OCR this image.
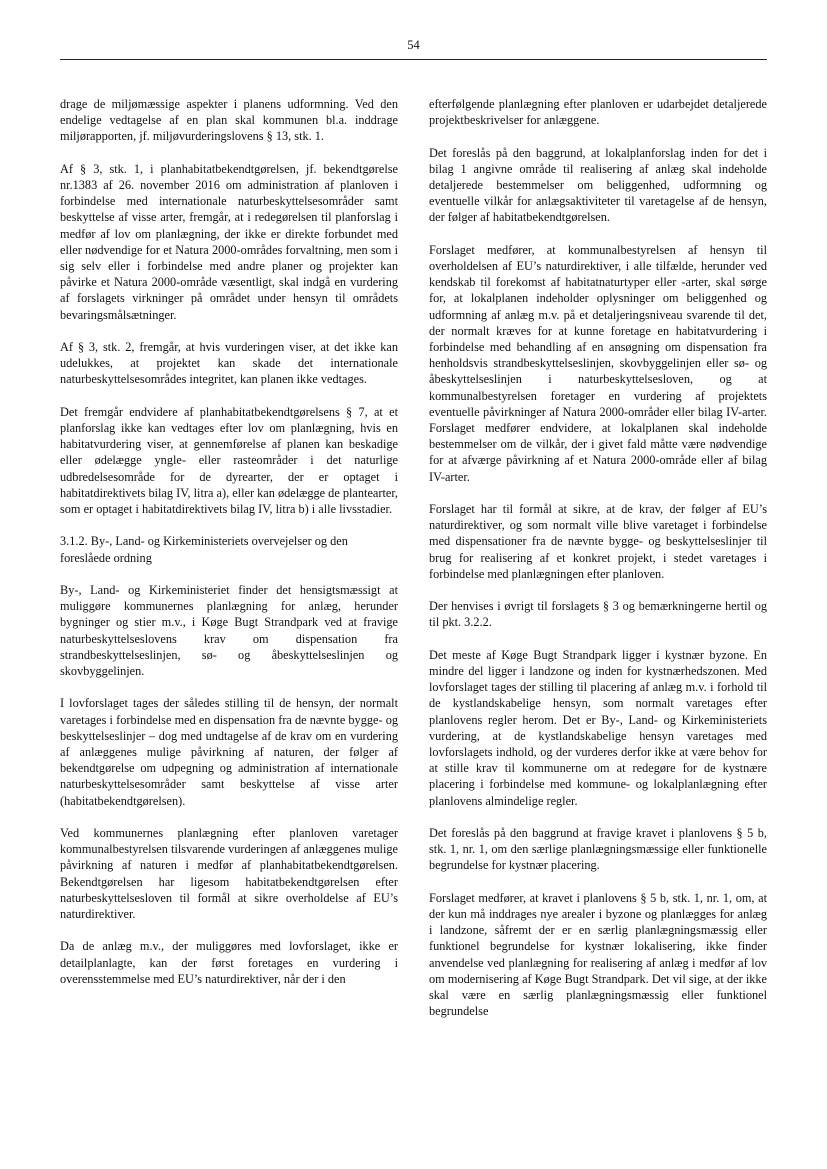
54

drage de miljømæssige aspekter i planens udformning. Ved den endelige vedtagelse af en plan skal kommunen bl.a. inddrage miljørapporten, jf. miljøvurderingslovens § 13, stk. 1.

Af § 3, stk. 1, i planhabitatbekendtgørelsen, jf. bekendtgørelse nr.1383 af 26. november 2016 om administration af planloven i forbindelse med internationale naturbeskyttelsesområder samt beskyttelse af visse arter, fremgår, at i redegørelsen til planforslag i medfør af lov om planlægning, der ikke er direkte forbundet med eller nødvendige for et Natura 2000-områdes forvaltning, men som i sig selv eller i forbindelse med andre planer og projekter kan påvirke et Natura 2000-område væsentligt, skal indgå en vurdering af forslagets virkninger på området under hensyn til områdets bevaringsmålsætninger.

Af § 3, stk. 2, fremgår, at hvis vurderingen viser, at det ikke kan udelukkes, at projektet kan skade det internationale naturbeskyttelsesområdes integritet, kan planen ikke vedtages.

Det fremgår endvidere af planhabitatbekendtgørelsens § 7, at et planforslag ikke kan vedtages efter lov om planlægning, hvis en habitatvurdering viser, at gennemførelse af planen kan beskadige eller ødelægge yngle- eller rasteområder i det naturlige udbredelsesområde for de dyrearter, der er optaget i habitatdirektivets bilag IV, litra a), eller kan ødelægge de plantearter, som er optaget i habitatdirektivets bilag IV, litra b) i alle livsstadier.

3.1.2. By-, Land- og Kirkeministeriets overvejelser og den foreslåede ordning

By-, Land- og Kirkeministeriet finder det hensigtsmæssigt at muliggøre kommunernes planlægning for anlæg, herunder bygninger og stier m.v., i Køge Bugt Strandpark ved at fravige naturbeskyttelseslovens krav om dispensation fra strandbeskyttelseslinjen, sø- og åbeskyttelseslinjen og skovbyggelinjen.

I lovforslaget tages der således stilling til de hensyn, der normalt varetages i forbindelse med en dispensation fra de nævnte bygge- og beskyttelseslinjer – dog med undtagelse af de krav om en vurdering af anlæggenes mulige påvirkning af naturen, der følger af bekendtgørelse om udpegning og administration af internationale naturbeskyttelsesområder samt beskyttelse af visse arter (habitatbekendtgørelsen).

Ved kommunernes planlægning efter planloven varetager kommunalbestyrelsen tilsvarende vurderingen af anlæggenes mulige påvirkning af naturen i medfør af planhabitatbekendtgørelsen. Bekendtgørelsen har ligesom habitatbekendtgørelsen efter naturbeskyttelsesloven til formål at sikre overholdelse af EU’s naturdirektiver.

Da de anlæg m.v., der muliggøres med lovforslaget, ikke er detailplanlagte, kan der først foretages en vurdering i overensstemmelse med EU’s naturdirektiver, når der i den

efterfølgende planlægning efter planloven er udarbejdet detaljerede projektbeskrivelser for anlæggene.

Det foreslås på den baggrund, at lokalplanforslag inden for det i bilag 1 angivne område til realisering af anlæg skal indeholde detaljerede bestemmelser om beliggenhed, udformning og eventuelle vilkår for anlægsaktiviteter til varetagelse af de hensyn, der følger af habitatbekendtgørelsen.

Forslaget medfører, at kommunalbestyrelsen af hensyn til overholdelsen af EU’s naturdirektiver, i alle tilfælde, herunder ved kendskab til forekomst af habitatnaturtyper eller -arter, skal sørge for, at lokalplanen indeholder oplysninger om beliggenhed og udformning af anlæg m.v. på et detaljeringsniveau svarende til det, der normalt kræves for at kunne foretage en habitatvurdering i forbindelse med behandling af en ansøgning om dispensation fra henholdsvis strandbeskyttelseslinjen, skovbyggelinjen eller sø- og åbeskyttelseslinjen i naturbeskyttelsesloven, og at kommunalbestyrelsen foretager en vurdering af projektets eventuelle påvirkninger af Natura 2000-områder eller bilag IV-arter. Forslaget medfører endvidere, at lokalplanen skal indeholde bestemmelser om de vilkår, der i givet fald måtte være nødvendige for at afværge påvirkning af et Natura 2000-område eller af bilag IV-arter.

Forslaget har til formål at sikre, at de krav, der følger af EU’s naturdirektiver, og som normalt ville blive varetaget i forbindelse med dispensationer fra de nævnte bygge- og beskyttelseslinjer til brug for realisering af et konkret projekt, i stedet varetages i forbindelse med planlægningen efter planloven.

Der henvises i øvrigt til forslagets § 3 og bemærkningerne hertil og til pkt. 3.2.2.

Det meste af Køge Bugt Strandpark ligger i kystnær byzone. En mindre del ligger i landzone og inden for kystnærhedszonen. Med lovforslaget tages der stilling til placering af anlæg m.v. i forhold til de kystlandskabelige hensyn, som normalt varetages efter planlovens regler herom. Det er By-, Land- og Kirkeministeriets vurdering, at de kystlandskabelige hensyn varetages med lovforslagets indhold, og der vurderes derfor ikke at være behov for at stille krav til kommunerne om at redegøre for de kystnære placering i forbindelse med kommune- og lokalplanlægning efter planlovens almindelige regler.

Det foreslås på den baggrund at fravige kravet i planlovens § 5 b, stk. 1, nr. 1, om den særlige planlægningsmæssige eller funktionelle begrundelse for kystnær placering.

Forslaget medfører, at kravet i planlovens § 5 b, stk. 1, nr. 1, om, at der kun må inddrages nye arealer i byzone og planlægges for anlæg i landzone, såfremt der er en særlig planlægningsmæssig eller funktionel begrundelse for kystnær lokalisering, ikke finder anvendelse ved planlægning for realisering af anlæg i medfør af lov om modernisering af Køge Bugt Strandpark. Det vil sige, at der ikke skal være en særlig planlægningsmæssig eller funktionel begrundelse
